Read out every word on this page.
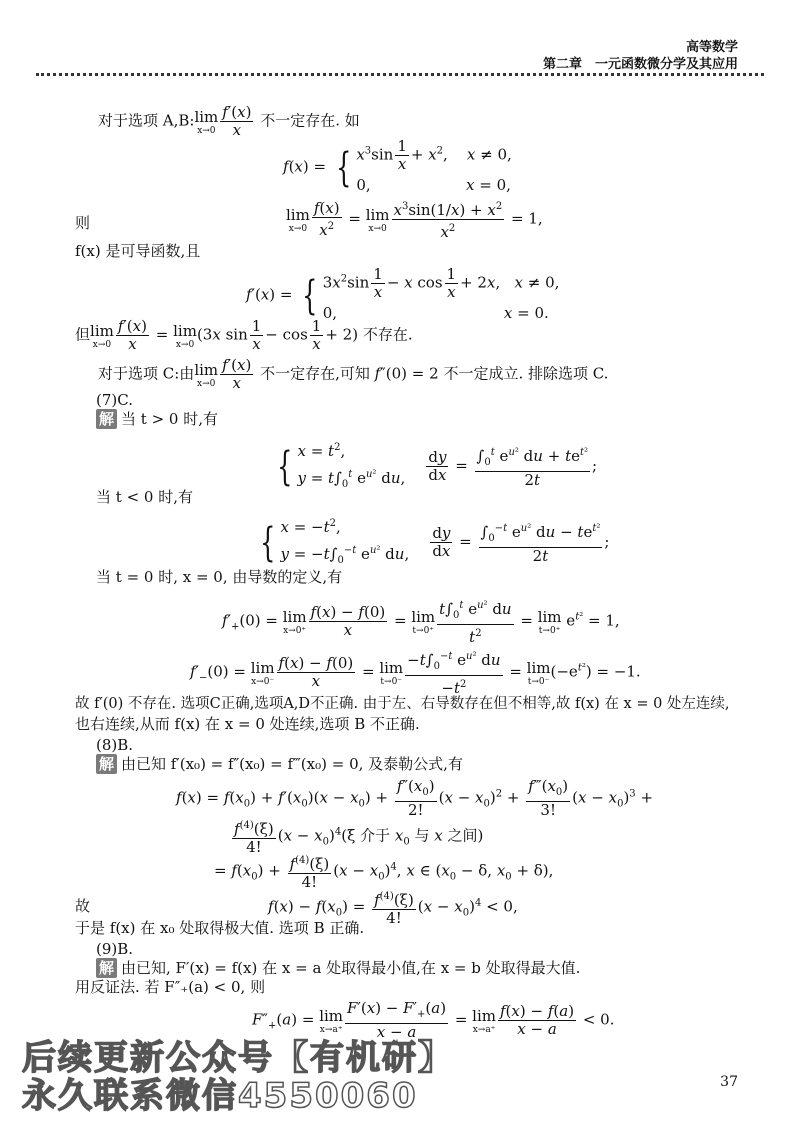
高等数学
第二章　一元函数微分学及其应用
对于选项 A,B: lim
$x\to 0 \frac{f'(x)}{x}$ 不一定存在. 如
f(x) = { $x^3\sin \frac{1}{x} + x^2$,    x ≠ 0,
0,                    x = 0,
则	lim
$x\to 0 \frac{f(x)}{x^2} = \lim$
$x\to 0 \frac{x^3\sin(1/x) + x^2}{x^2} = 1$,
f(x) 是可导函数,且
f′(x) = { $3x^2\sin \frac{1}{x} - x$ $\cos \frac{1}{x} + 2x$,   x ≠ 0,
0,                                   x = 0.
但 lim
$x\to 0 \frac{f'(x)}{x} = \lim$
x→0
(3x $\sin \frac{1}{x} - \cos \frac{1}{x} + 2$) 不存在.
对于选项 C:由 lim
$x\to 0 \frac{f'(x)}{x}$ 不一定存在,可知 f″(0) = 2 不一定成立. 排除选项 C.
(7)C.
解 当 t > 0 时,有
{ $x = t^2$,
$y = t\int_0^t$ $e^{u^2}$ du,
$\frac{dy}{dx}$ =
$\int_0^t$ $e^{u^2}$ du + $te^{t^2}$
2t
;
当 t < 0 时,有
{ $x = -t^2$,
$y = -t\int_0^{-t}$ $e^{u^2}$ du,
$\frac{dy}{dx}$ =
$\int_0^{-t}$ $e^{u^2}$ du − $te^{t^2}$
2t
;
当 t = 0 时, x = 0, 由导数的定义,有
$f'_+(0) = \lim$
$x\to 0^+ \frac{f(x) - f(0)}{x} = \lim$
$t\to 0^+ \frac{t\int_0^t e^{u^2} du}{t^2} = \lim$
t→0⁺
$e^{t^2} = 1$,
$f'_-(0) = \lim$
$x\to 0^- \frac{f(x) - f(0)}{x} = \lim$
$t\to 0^- \frac{-t\int_0^{-t} e^{u^2} du}{-t^2} = \lim$
t→0⁻
$(-e^{t^2}) = -1$.
故 f′(0) 不存在. 选项C正确,选项A,D不正确. 由于左、右导数存在但不相等,故 f(x) 在 x = 0 处左连续,
也右连续,从而 f(x) 在 x = 0 处连续,选项 B 不正确.
(8)B.
解 由已知 f′(x₀) = f″(x₀) = f‴(x₀) = 0, 及泰勒公式,有
$f(x) = f(x_0) + f'(x_0)(x - x_0) + \frac{f''(x_0)}{2!} (x - x_0)^2 + \frac{f‴(x_0)}{3!} (x - x_0)^3$ +
$\frac{f^{(4)}(\xi)}{4!} (x - x_0)^4(\xi$ 介于 $x_0$ 与 x 之间)
= $f(x_0) + \frac{f^{(4)}(\xi)}{4!} (x - x_0)^4$, x ∈ ($x_0 - \delta$, $x_0 + \delta$),
故	$f(x) - f(x_0) = \frac{f^{(4)}(\xi)}{4!} (x - x_0)^4 < 0$,
于是 f(x) 在 x₀ 处取得极大值. 选项 B 正确.
(9)B.
解 由已知, F′(x) = f(x) 在 x = a 处取得最小值,在 x = b 处取得最大值.
用反证法. 若 F″₊(a) < 0, 则
$F''_+(a) = \lim$
$x\to a^+ \frac{F'(x) - F'_+(a)}{x - a} = \lim$
$x\to a^+ \frac{f(x) - f(a)}{x - a} < 0$.
后续更新公众号【有机研】
永久联系微信4550060	37
